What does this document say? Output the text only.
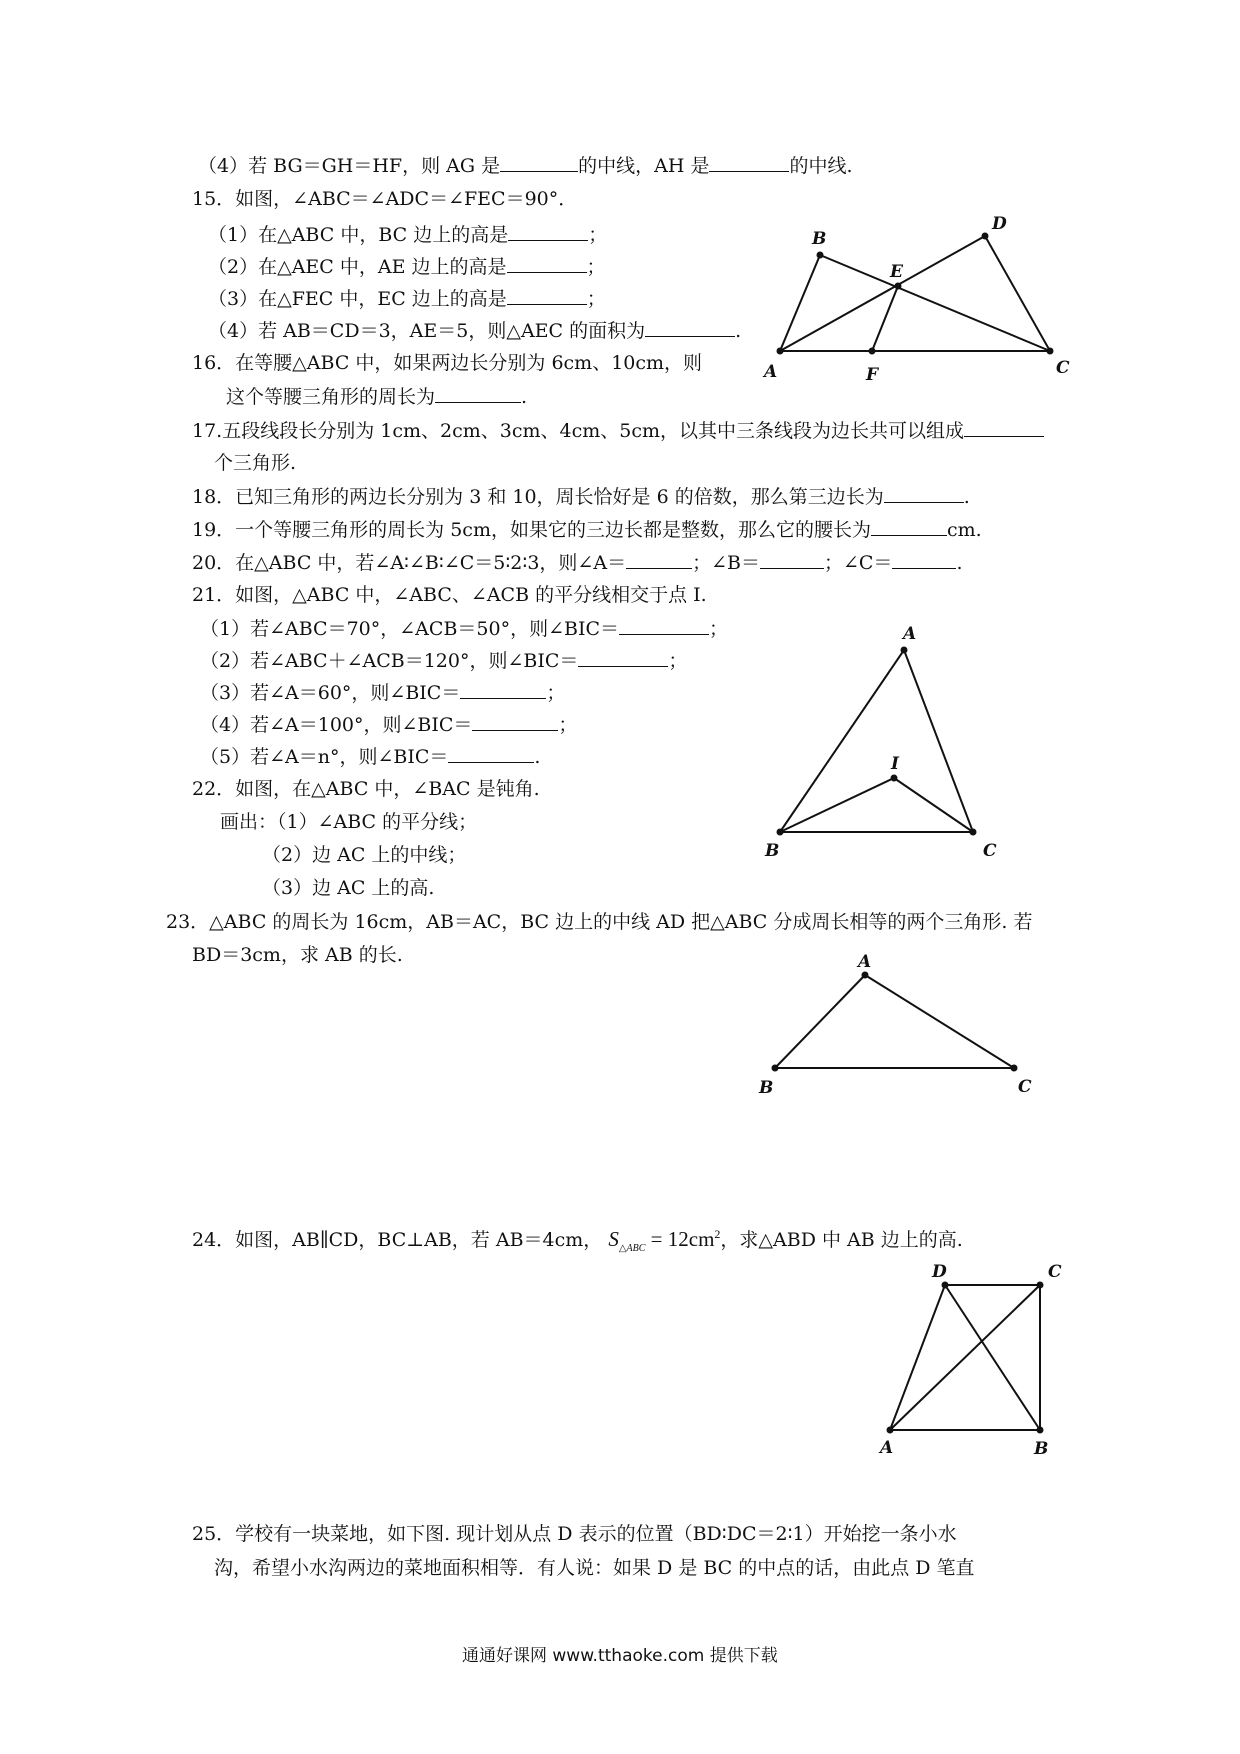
（4）若 BG＝GH＝HF，则 AG 是	的中线，AH 是	的中线.
15．如图，∠ABC＝∠ADC＝∠FEC＝90°．
（1）在△ABC 中，BC 边上的高是	；
（2）在△AEC 中，AE 边上的高是	；
（3）在△FEC 中，EC 边上的高是	；
（4）若 AB＝CD＝3，AE＝5，则△AEC 的面积为	.
A
B
D
E
F	C
16．在等腰△ABC 中，如果两边长分别为 6cm、10cm，则
这个等腰三角形的周长为	.
17.五段线段长分别为 1cm、2cm、3cm、4cm、5cm，以其中三条线段为边长共可以组成
个三角形.
18．已知三角形的两边长分别为 3 和 10，周长恰好是 6 的倍数，那么第三边长为	.
19．一个等腰三角形的周长为 5cm，如果它的三边长都是整数，那么它的腰长为	cm.
20．在△ABC 中，若∠A∶∠B∶∠C＝5∶2∶3，则∠A＝	；∠B＝	；∠C＝	.
21．如图，△ABC 中，∠ABC、∠ACB 的平分线相交于点 I.
（1）若∠ABC＝70°，∠ACB＝50°，则∠BIC＝	；
（2）若∠ABC＋∠ACB＝120°，则∠BIC＝	；
（3）若∠A＝60°，则∠BIC＝	；
（4）若∠A＝100°，则∠BIC＝	；
（5）若∠A＝n°，则∠BIC＝	.
A
I
B	C
22．如图，在△ABC 中，∠BAC 是钝角.
画出：（1）∠ABC 的平分线；
（2）边 AC 上的中线；
（3）边 AC 上的高.
23．△ABC 的周长为 16cm，AB＝AC，BC 边上的中线 AD 把△ABC 分成周长相等的两个三角形. 若
BD＝3cm，求 AB 的长.	A
B	C
24．如图，AB∥CD，BC⊥AB，若 AB＝4cm， $S_{\triangle ABC} = 12cm^2$，求△ABD 中 AB 边上的高.
D	C
A	B
25．学校有一块菜地，如下图. 现计划从点 D 表示的位置（BD∶DC＝2∶1）开始挖一条小水
沟，希望小水沟两边的菜地面积相等．有人说：如果 D 是 BC 的中点的话，由此点 D 笔直
通通好课网 www.tthaoke.com 提供下载
